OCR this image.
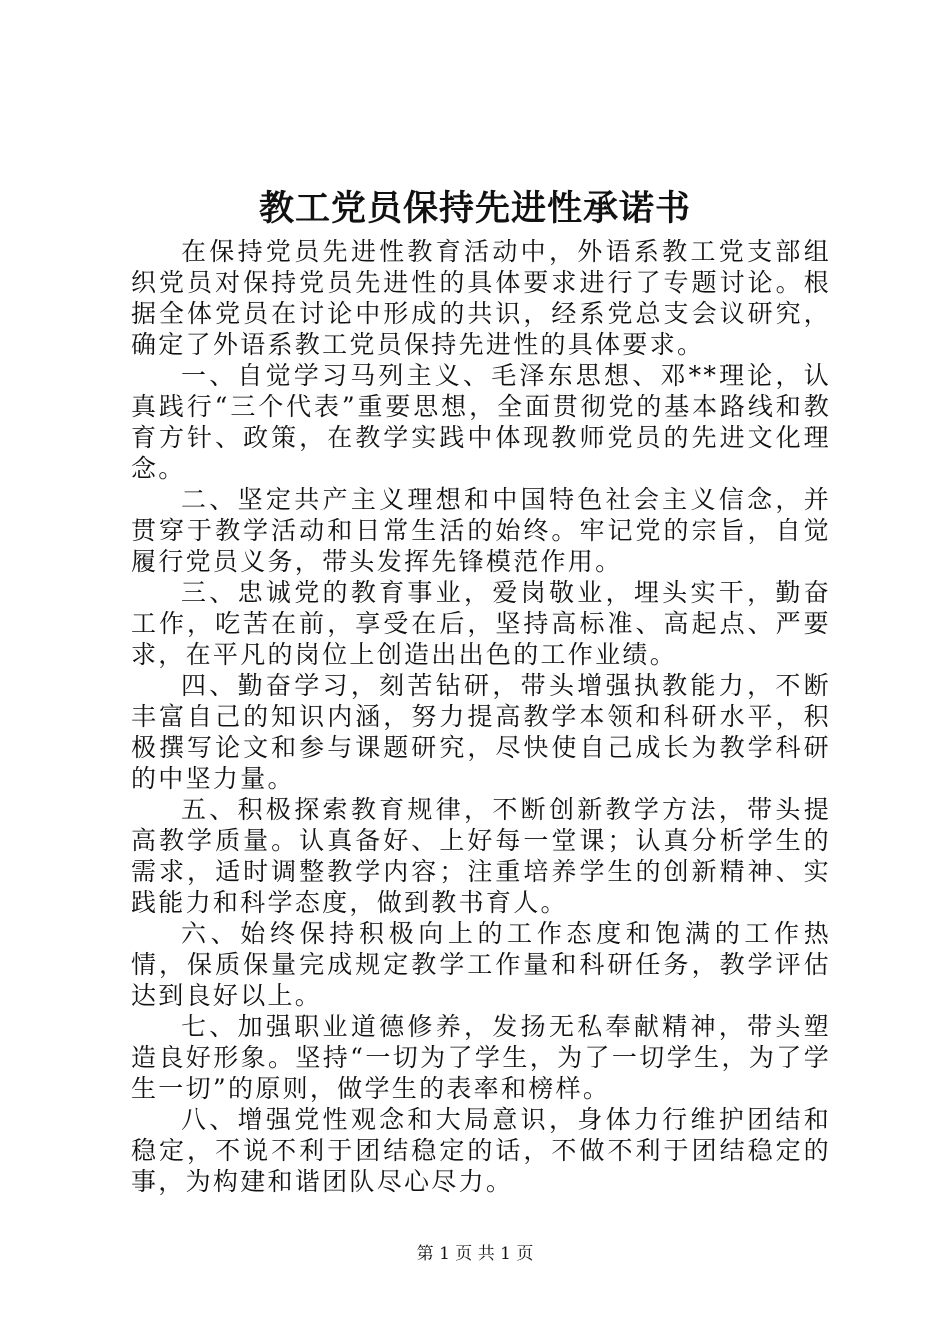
教工党员保持先进性承诺书

在保持党员先进性教育活动中，外语系教工党支部组织党员对保持党员先进性的具体要求进行了专题讨论。根据全体党员在讨论中形成的共识，经系党总支会议研究，确定了外语系教工党员保持先进性的具体要求。

一、自觉学习马列主义、毛泽东思想、邓**理论，认真践行“三个代表”重要思想，全面贯彻党的基本路线和教育方针、政策，在教学实践中体现教师党员的先进文化理念。

二、坚定共产主义理想和中国特色社会主义信念，并贯穿于教学活动和日常生活的始终。牢记党的宗旨，自觉履行党员义务，带头发挥先锋模范作用。

三、忠诚党的教育事业，爱岗敬业，埋头实干，勤奋工作，吃苦在前，享受在后，坚持高标准、高起点、严要求，在平凡的岗位上创造出出色的工作业绩。

四、勤奋学习，刻苦钻研，带头增强执教能力，不断丰富自己的知识内涵，努力提高教学本领和科研水平，积极撰写论文和参与课题研究，尽快使自己成长为教学科研的中坚力量。

五、积极探索教育规律，不断创新教学方法，带头提高教学质量。认真备好、上好每一堂课；认真分析学生的需求，适时调整教学内容；注重培养学生的创新精神、实践能力和科学态度，做到教书育人。

六、始终保持积极向上的工作态度和饱满的工作热情，保质保量完成规定教学工作量和科研任务，教学评估达到良好以上。

七、加强职业道德修养，发扬无私奉献精神，带头塑造良好形象。坚持“一切为了学生，为了一切学生，为了学生一切”的原则，做学生的表率和榜样。

八、增强党性观念和大局意识，身体力行维护团结和稳定，不说不利于团结稳定的话，不做不利于团结稳定的事，为构建和谐团队尽心尽力。

第 1 页 共 1 页
